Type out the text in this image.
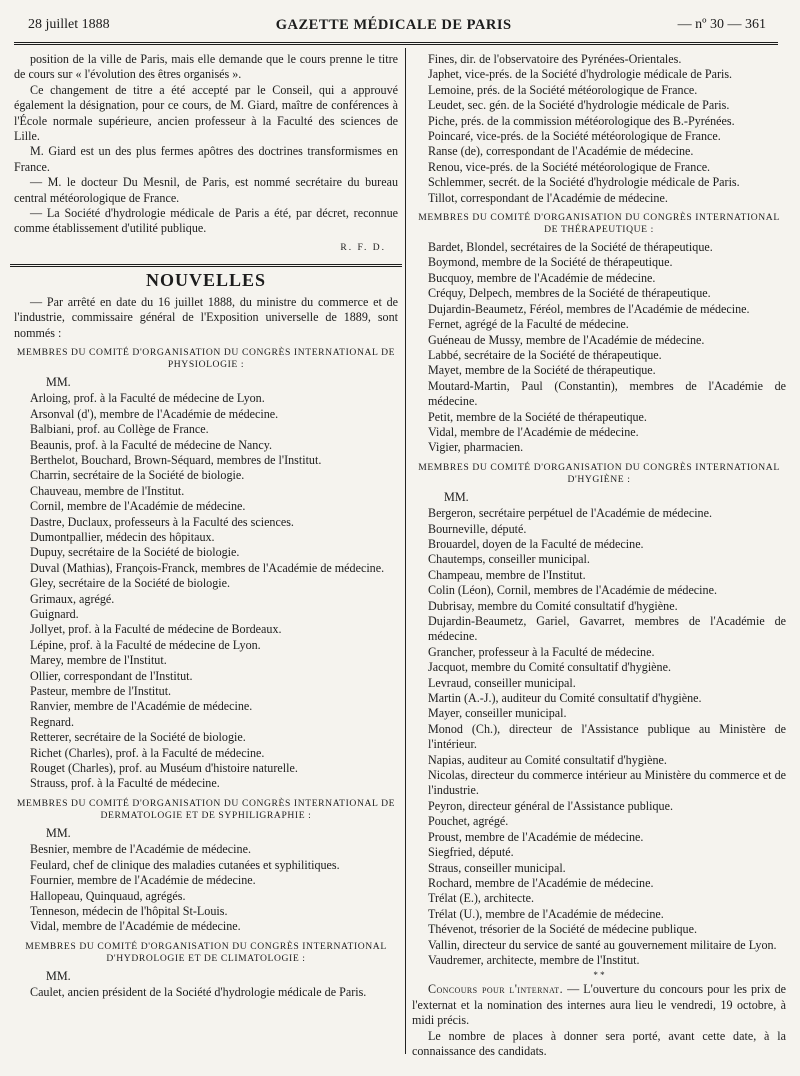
28 juillet 1888	GAZETTE MÉDICALE DE PARIS	— nº 30 — 361

position de la ville de Paris, mais elle demande que le cours prenne le titre de cours sur « l'évolution des êtres organisés ».

Ce changement de titre a été accepté par le Conseil, qui a approuvé également la désignation, pour ce cours, de M. Giard, maître de conférences à l'École normale supérieure, ancien professeur à la Faculté des sciences de Lille.

M. Giard est un des plus fermes apôtres des doctrines transformismes en France.

— M. le docteur Du Mesnil, de Paris, est nommé secrétaire du bureau central météorologique de France.

— La Société d'hydrologie médicale de Paris a été, par décret, reconnue comme établissement d'utilité publique.

R. F. D.
NOUVELLES

— Par arrêté en date du 16 juillet 1888, du ministre du commerce et de l'industrie, commissaire général de l'Exposition universelle de 1889, sont nommés :

MEMBRES DU COMITÉ D'ORGANISATION DU CONGRÈS INTERNATIONAL DE PHYSIOLOGIE :
MM.

Arloing, prof. à la Faculté de médecine de Lyon.

Arsonval (d'), membre de l'Académie de médecine.

Balbiani, prof. au Collège de France.

Beaunis, prof. à la Faculté de médecine de Nancy.

Berthelot, Bouchard, Brown-Séquard, membres de l'Institut.

Charrin, secrétaire de la Société de biologie.

Chauveau, membre de l'Institut.

Cornil, membre de l'Académie de médecine.

Dastre, Duclaux, professeurs à la Faculté des sciences.

Dumontpallier, médecin des hôpitaux.

Dupuy, secrétaire de la Société de biologie.

Duval (Mathias), François-Franck, membres de l'Académie de médecine.

Gley, secrétaire de la Société de biologie.

Grimaux, agrégé.

Guignard.

Jollyet, prof. à la Faculté de médecine de Bordeaux.

Lépine, prof. à la Faculté de médecine de Lyon.

Marey, membre de l'Institut.

Ollier, correspondant de l'Institut.

Pasteur, membre de l'Institut.

Ranvier, membre de l'Académie de médecine.

Regnard.

Retterer, secrétaire de la Société de biologie.

Richet (Charles), prof. à la Faculté de médecine.

Rouget (Charles), prof. au Muséum d'histoire naturelle.

Strauss, prof. à la Faculté de médecine.

MEMBRES DU COMITÉ D'ORGANISATION DU CONGRÈS INTERNATIONAL DE DERMATOLOGIE ET DE SYPHILIGRAPHIE :
MM.

Besnier, membre de l'Académie de médecine.

Feulard, chef de clinique des maladies cutanées et syphilitiques.

Fournier, membre de l'Académie de médecine.

Hallopeau, Quinquaud, agrégés.

Tenneson, médecin de l'hôpital St-Louis.

Vidal, membre de l'Académie de médecine.

MEMBRES DU COMITÉ D'ORGANISATION DU CONGRÈS INTERNATIONAL D'HYDROLOGIE ET DE CLIMATOLOGIE :
MM.

Caulet, ancien président de la Société d'hydrologie médicale de Paris.

Fines, dir. de l'observatoire des Pyrénées-Orientales.

Japhet, vice-prés. de la Société d'hydrologie médicale de Paris.

Lemoine, prés. de la Société météorologique de France.

Leudet, sec. gén. de la Société d'hydrologie médicale de Paris.

Piche, prés. de la commission météorologique des B.-Pyrénées.

Poincaré, vice-prés. de la Société météorologique de France.

Ranse (de), correspondant de l'Académie de médecine.

Renou, vice-prés. de la Société météorologique de France.

Schlemmer, secrét. de la Société d'hydrologie médicale de Paris.

Tillot, correspondant de l'Académie de médecine.

MEMBRES DU COMITÉ D'ORGANISATION DU CONGRÈS INTERNATIONAL DE THÉRAPEUTIQUE :

Bardet, Blondel, secrétaires de la Société de thérapeutique.

Boymond, membre de la Société de thérapeutique.

Bucquoy, membre de l'Académie de médecine.

Créquy, Delpech, membres de la Société de thérapeutique.

Dujardin-Beaumetz, Féréol, membres de l'Académie de médecine.

Fernet, agrégé de la Faculté de médecine.

Guéneau de Mussy, membre de l'Académie de médecine.

Labbé, secrétaire de la Société de thérapeutique.

Mayet, membre de la Société de thérapeutique.

Moutard-Martin, Paul (Constantin), membres de l'Académie de médecine.

Petit, membre de la Société de thérapeutique.

Vidal, membre de l'Académie de médecine.

Vigier, pharmacien.

MEMBRES DU COMITÉ D'ORGANISATION DU CONGRÈS INTERNATIONAL D'HYGIÈNE :
MM.

Bergeron, secrétaire perpétuel de l'Académie de médecine.

Bourneville, député.

Brouardel, doyen de la Faculté de médecine.

Chautemps, conseiller municipal.

Champeau, membre de l'Institut.

Colin (Léon), Cornil, membres de l'Académie de médecine.

Dubrisay, membre du Comité consultatif d'hygiène.

Dujardin-Beaumetz, Gariel, Gavarret, membres de l'Académie de médecine.

Grancher, professeur à la Faculté de médecine.

Jacquot, membre du Comité consultatif d'hygiène.

Levraud, conseiller municipal.

Martin (A.-J.), auditeur du Comité consultatif d'hygiène.

Mayer, conseiller municipal.

Monod (Ch.), directeur de l'Assistance publique au Ministère de l'intérieur.

Napias, auditeur au Comité consultatif d'hygiène.

Nicolas, directeur du commerce intérieur au Ministère du commerce et de l'industrie.

Peyron, directeur général de l'Assistance publique.

Pouchet, agrégé.

Proust, membre de l'Académie de médecine.

Siegfried, député.

Straus, conseiller municipal.

Rochard, membre de l'Académie de médecine.

Trélat (E.), architecte.

Trélat (U.), membre de l'Académie de médecine.

Thévenot, trésorier de la Société de médecine publique.

Vallin, directeur du service de santé au gouvernement militaire de Lyon.

Vaudremer, architecte, membre de l'Institut.

* *

Concours pour l'internat. — L'ouverture du concours pour les prix de l'externat et la nomination des internes aura lieu le vendredi, 19 octobre, à midi précis.

Le nombre de places à donner sera porté, avant cette date, à la connaissance des candidats.
